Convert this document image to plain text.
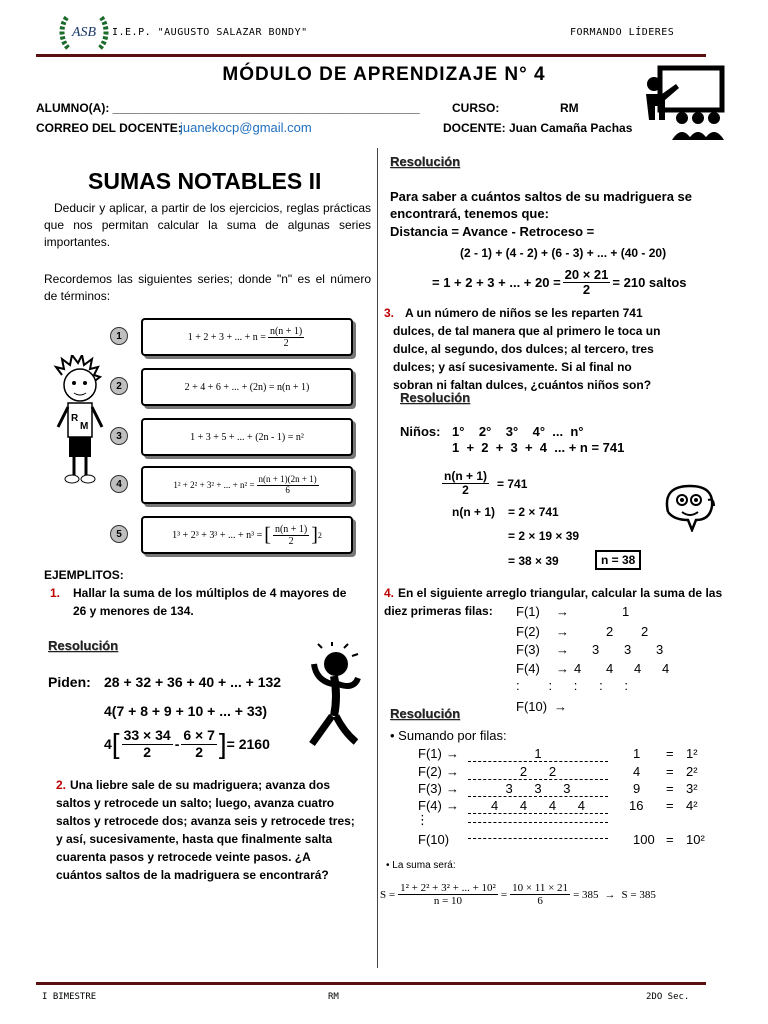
ASB I.E.P. "AUGUSTO SALAZAR BONDY"	FORMANDO LÍDERES
MÓDULO DE APRENDIZAJE N° 4
ALUMNO(A): ______________________________________________	CURSO:	RM
CORREO DEL DOCENTE:
juanekocp@gmail.com	DOCENTE: Juan Camaña Pachas
SUMAS NOTABLES II
Deducir y aplicar, a partir de los ejercicios, reglas prácticas que nos permitan calcular la suma de algunas series importantes.
Recordemos las siguientes series; donde "n" es el número de términos:
R
M
1	1 + 2 + 3 + ... + $n = \frac{n(n + 1)}{2}$
2	2 + 4 + 6 + ... + (2n) =
n(n + 1)
3	1 + 3 + 5 + ... + (2n - 1) =
n²
4	1² + 2² + 3² + ... + $n^2 = \frac{n(n + 1)(2n + 1)}{6}$
5	1³ + 2³ + 3³ + ... + n³ = [ $\frac{n(n + 1)}{2}$ ] 2
EJEMPLITOS:
1. Hallar la suma de los múltiplos de 4 mayores de 26 y menores de 134.
Resolución
Piden: 28 + 32 + 36 + 40 + ... + 132
4(7 + 8 + 9 + 10 + ... + 33)
4 [ $\frac{33 \times 34}{2} - \frac{6 \times 7}{2}$ ] = 2160
2. Una liebre sale de su madriguera; avanza dos saltos y retrocede un salto; luego, avanza cuatro saltos y retrocede dos; avanza seis y retrocede tres; y así, sucesivamente, hasta que finalmente salta cuarenta pasos y retrocede veinte pasos. ¿A cuántos saltos de la madriguera se encontrará?
Resolución
Para saber a cuántos saltos de su madriguera se encontrará, tenemos que:
Distancia = Avance - Retroceso =
(2 - 1) + (4 - 2) + (6 - 3) + ... + (40 - 20)
= 1 + 2 + 3 + ... + $20 = \frac{20 \times 21}{2} = 210$ saltos
3. A un número de niños se les reparten 741 dulces, de tal manera que al primero le toca un dulce, al segundo, dos dulces; al tercero, tres dulces; y así sucesivamente. Si al final no sobran ni faltan dulces, ¿cuántos niños son?
Resolución
Niños: 1°    2°    3°    4°  ...  n°
1  +  2  +  3  +  4  ... + n = 741
$\frac{n(n + 1)}{2} = 741$
n(n + 1) = 2 × 741
= 2 × 19 × 39
= 38 × 39	n = 38
4. En el siguiente arreglo triangular, calcular la suma de las diez primeras filas:	F(1) →	1
F(2) →	2 2
F(3) → 3 3 3
F(4) → 4 4 4 4
:        :      :      :      :
F(10) →
Resolución
• Sumando por filas:
F(1) →	1	1 = 1²
F(2) →	2      2	4 = 2²
F(3) →	3      3      3	9 = 3²
F(4) →	4      4      4      4	16 = 4²
⋮
F(10)	100 = 10²
• La suma será:
$S = \frac{\text{1² + 2² + 3² + ... + 10²}}{n = 10} = \frac{10 \times 11 \times 21}{6} = 385 \to S = 385$
I BIMESTRE	RM	2DO Sec.
